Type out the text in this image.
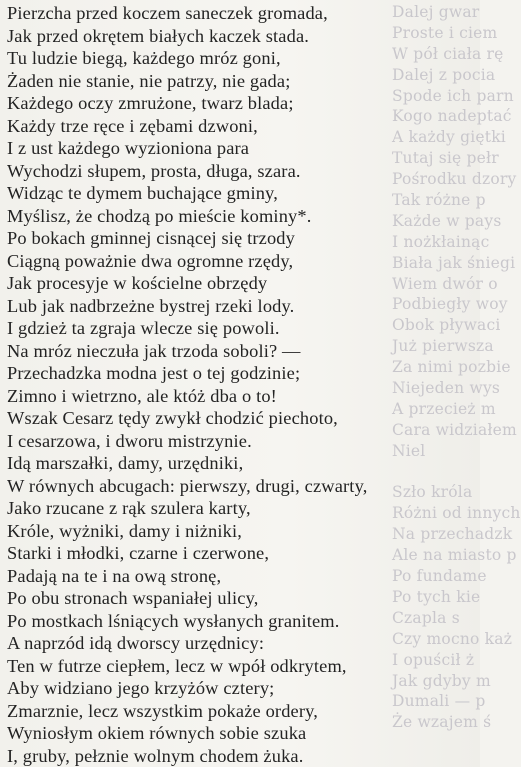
Dalej gwar
Proste i ciem
W pół ciała rę
Dalej z pocia
Spode ich parn
Kogo nadeptać
A każdy giętki
Tutaj się pełr
Pośrodku dzory
Tak różne p
Każde w pays
I nożkłainąc
Biała jak śniegi
Wiem dwór o
Podbiegły woy
Obok pływaci
Już pierwsza
Za nimi pozbie
Niejeden wys
A przecież m
Cara widziałem
Niel
Szło króla
Różni od innych
Na przechadzk
Ale na miasto p
Po fundame
Po tych kie
Czapla s
Czy mocno każ
I opuścił ż
Jak gdyby m
Dumali — p
Że wzajem ś
Pierzcha przed koczem saneczek gromada,
Jak przed okrętem białych kaczek stada.
Tu ludzie biegą, każdego mróz goni,
Żaden nie stanie, nie patrzy, nie gada;
Każdego oczy zmrużone, twarz blada;
Każdy trze ręce i zębami dzwoni,
I z ust każdego wyzioniona para
Wychodzi słupem, prosta, długa, szara.
Widząc te dymem buchające gminy,
Myślisz, że chodzą po mieście kominy*.
Po bokach gminnej cisnącej się trzody
Ciągną poważnie dwa ogromne rzędy,
Jak procesyje w kościelne obrzędy
Lub jak nadbrzeżne bystrej rzeki lody.
I gdzież ta zgraja wlecze się powoli.
Na mróz nieczuła jak trzoda soboli? —
Przechadzka modna jest o tej godzinie;
Zimno i wietrzno, ale któż dba o to!
Wszak Cesarz tędy zwykł chodzić piechoto,
I cesarzowa, i dworu mistrzynie.
Idą marszałki, damy, urzędniki,
W równych abcugach: pierwszy, drugi, czwarty,
Jako rzucane z rąk szulera karty,
Króle, wyżniki, damy i niżniki,
Starki i młodki, czarne i czerwone,
Padają na te i na ową stronę,
Po obu stronach wspaniałej ulicy,
Po mostkach lśniących wysłanych granitem.
A naprzód idą dworscy urzędnicy:
Ten w futrze ciepłem, lecz w wpół odkrytem,
Aby widziano jego krzyżów cztery;
Zmarznie, lecz wszystkim pokaże ordery,
Wyniosłym okiem równych sobie szuka
I, gruby, pełznie wolnym chodem żuka.
